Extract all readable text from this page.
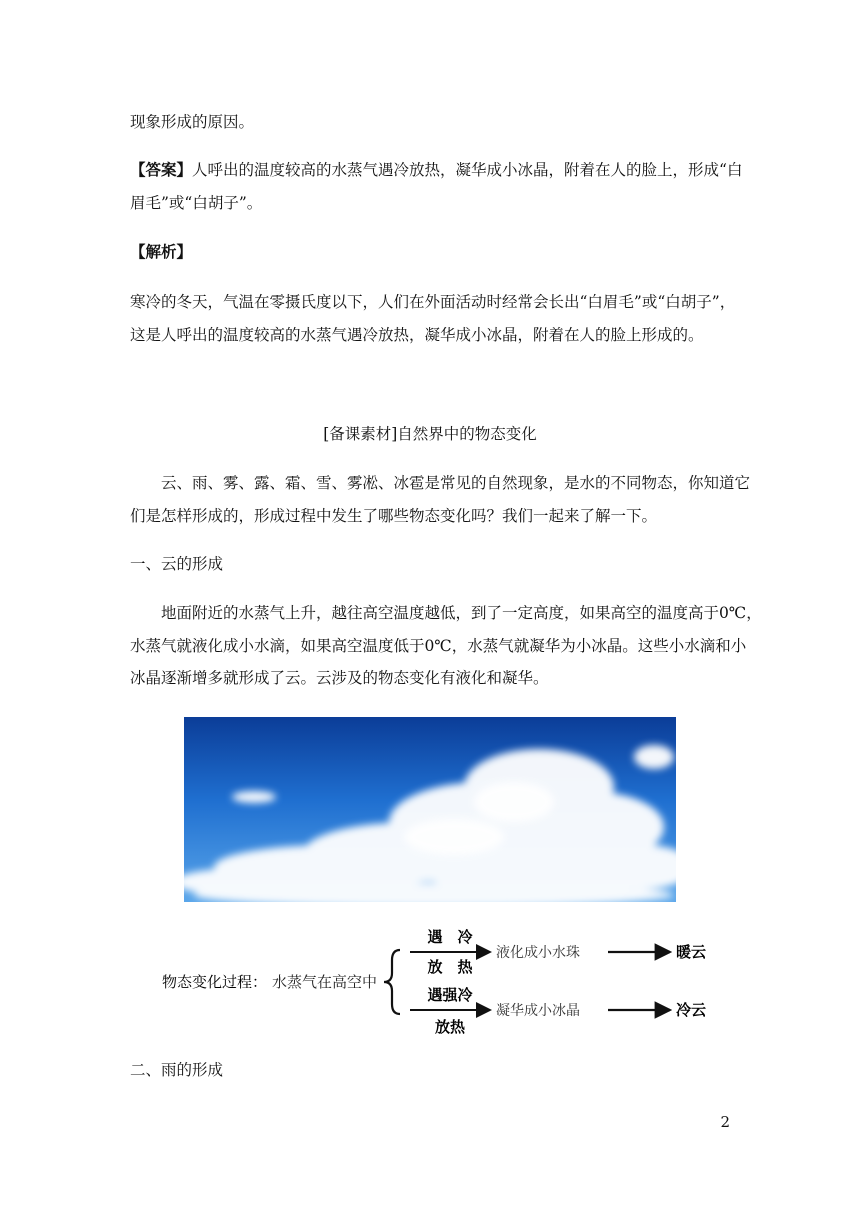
现象形成的原因。

【答案】人呼出的温度较高的水蒸气遇冷放热，凝华成小冰晶，附着在人的脸上，形成“白

眉毛”或“白胡子”。

【解析】

寒冷的冬天，气温在零摄氏度以下，人们在外面活动时经常会长出“白眉毛”或“白胡子”，

这是人呼出的温度较高的水蒸气遇冷放热，凝华成小冰晶，附着在人的脸上形成的。

[备课素材]自然界中的物态变化

　　云、雨、雾、露、霜、雪、雾凇、冰雹是常见的自然现象，是水的不同物态，你知道它

们是怎样形成的，形成过程中发生了哪些物态变化吗？我们一起来了解一下。

一、云的形成

　　地面附近的水蒸气上升，越往高空温度越低，到了一定高度，如果高空的温度高于0℃，

水蒸气就液化成小水滴，如果高空温度低于0℃，水蒸气就凝华为小冰晶。这些小水滴和小

冰晶逐渐增多就形成了云。云涉及的物态变化有液化和凝华。

物态变化过程： 水蒸气在高空中
遇　冷
放　热
液化成小水珠	暖云
遇强冷
放热
凝华成小冰晶	冷云

二、雨的形成

2
